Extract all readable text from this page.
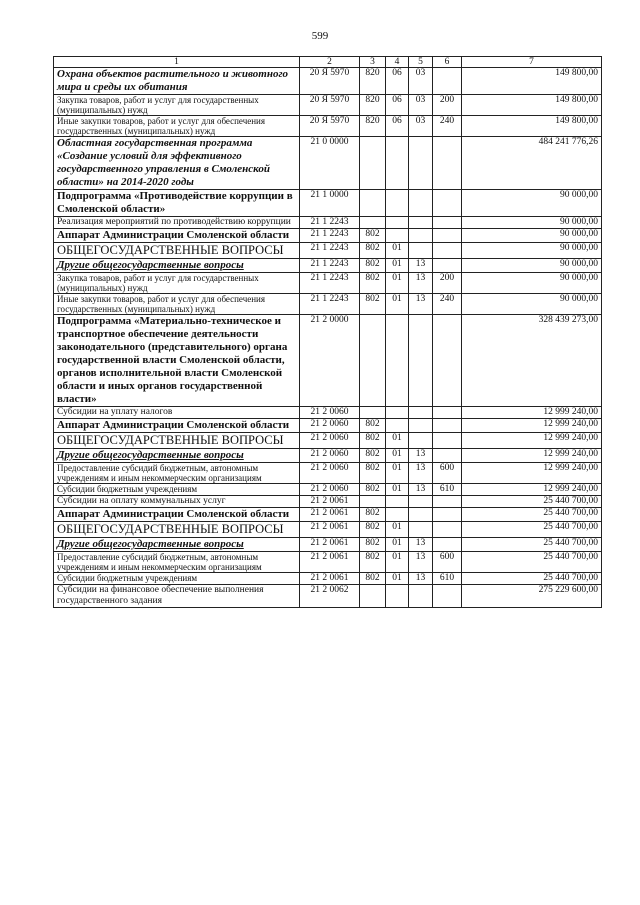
599
1	2	3	4	5	6	7
Охрана объектов растительного и животного мира и среды их обитания	20 Я 5970	820	06	03		149 800,00
Закупка товаров, работ и услуг для государственных (муниципальных) нужд	20 Я 5970	820	06	03	200	149 800,00
Иные закупки товаров, работ и услуг для обеспечения государственных (муниципальных) нужд	20 Я 5970	820	06	03	240	149 800,00
Областная государственная программа «Создание условий для эффективного государственного управления в Смоленской области» на 2014-2020 годы	21 0 0000					484 241 776,26
Подпрограмма «Противодействие коррупции в Смоленской области»	21 1 0000					90 000,00
Реализация мероприятий по противодействию коррупции	21 1 2243					90 000,00
Аппарат Администрации Смоленской области	21 1 2243	802				90 000,00
ОБЩЕГОСУДАРСТВЕННЫЕ ВОПРОСЫ	21 1 2243	802	01			90 000,00
Другие общегосударственные вопросы	21 1 2243	802	01	13		90 000,00
Закупка товаров, работ и услуг для государственных (муниципальных) нужд	21 1 2243	802	01	13	200	90 000,00
Иные закупки товаров, работ и услуг для обеспечения государственных (муниципальных) нужд	21 1 2243	802	01	13	240	90 000,00
Подпрограмма «Материально-техническое и транспортное обеспечение деятельности законодательного (представительного) органа государственной власти Смоленской области, органов исполнительной власти Смоленской области и иных органов государственной власти»	21 2 0000					328 439 273,00
Субсидии на уплату налогов	21 2 0060					12 999 240,00
Аппарат Администрации Смоленской области	21 2 0060	802				12 999 240,00
ОБЩЕГОСУДАРСТВЕННЫЕ ВОПРОСЫ	21 2 0060	802	01			12 999 240,00
Другие общегосударственные вопросы	21 2 0060	802	01	13		12 999 240,00
Предоставление субсидий бюджетным, автономным учреждениям и иным некоммерческим организациям	21 2 0060	802	01	13	600	12 999 240,00
Субсидии бюджетным учреждениям	21 2 0060	802	01	13	610	12 999 240,00
Субсидии на оплату коммунальных услуг	21 2 0061					25 440 700,00
Аппарат Администрации Смоленской области	21 2 0061	802				25 440 700,00
ОБЩЕГОСУДАРСТВЕННЫЕ ВОПРОСЫ	21 2 0061	802	01			25 440 700,00
Другие общегосударственные вопросы	21 2 0061	802	01	13		25 440 700,00
Предоставление субсидий бюджетным, автономным учреждениям и иным некоммерческим организациям	21 2 0061	802	01	13	600	25 440 700,00
Субсидии бюджетным учреждениям	21 2 0061	802	01	13	610	25 440 700,00
Субсидии на финансовое обеспечение выполнения государственного задания	21 2 0062					275 229 600,00
